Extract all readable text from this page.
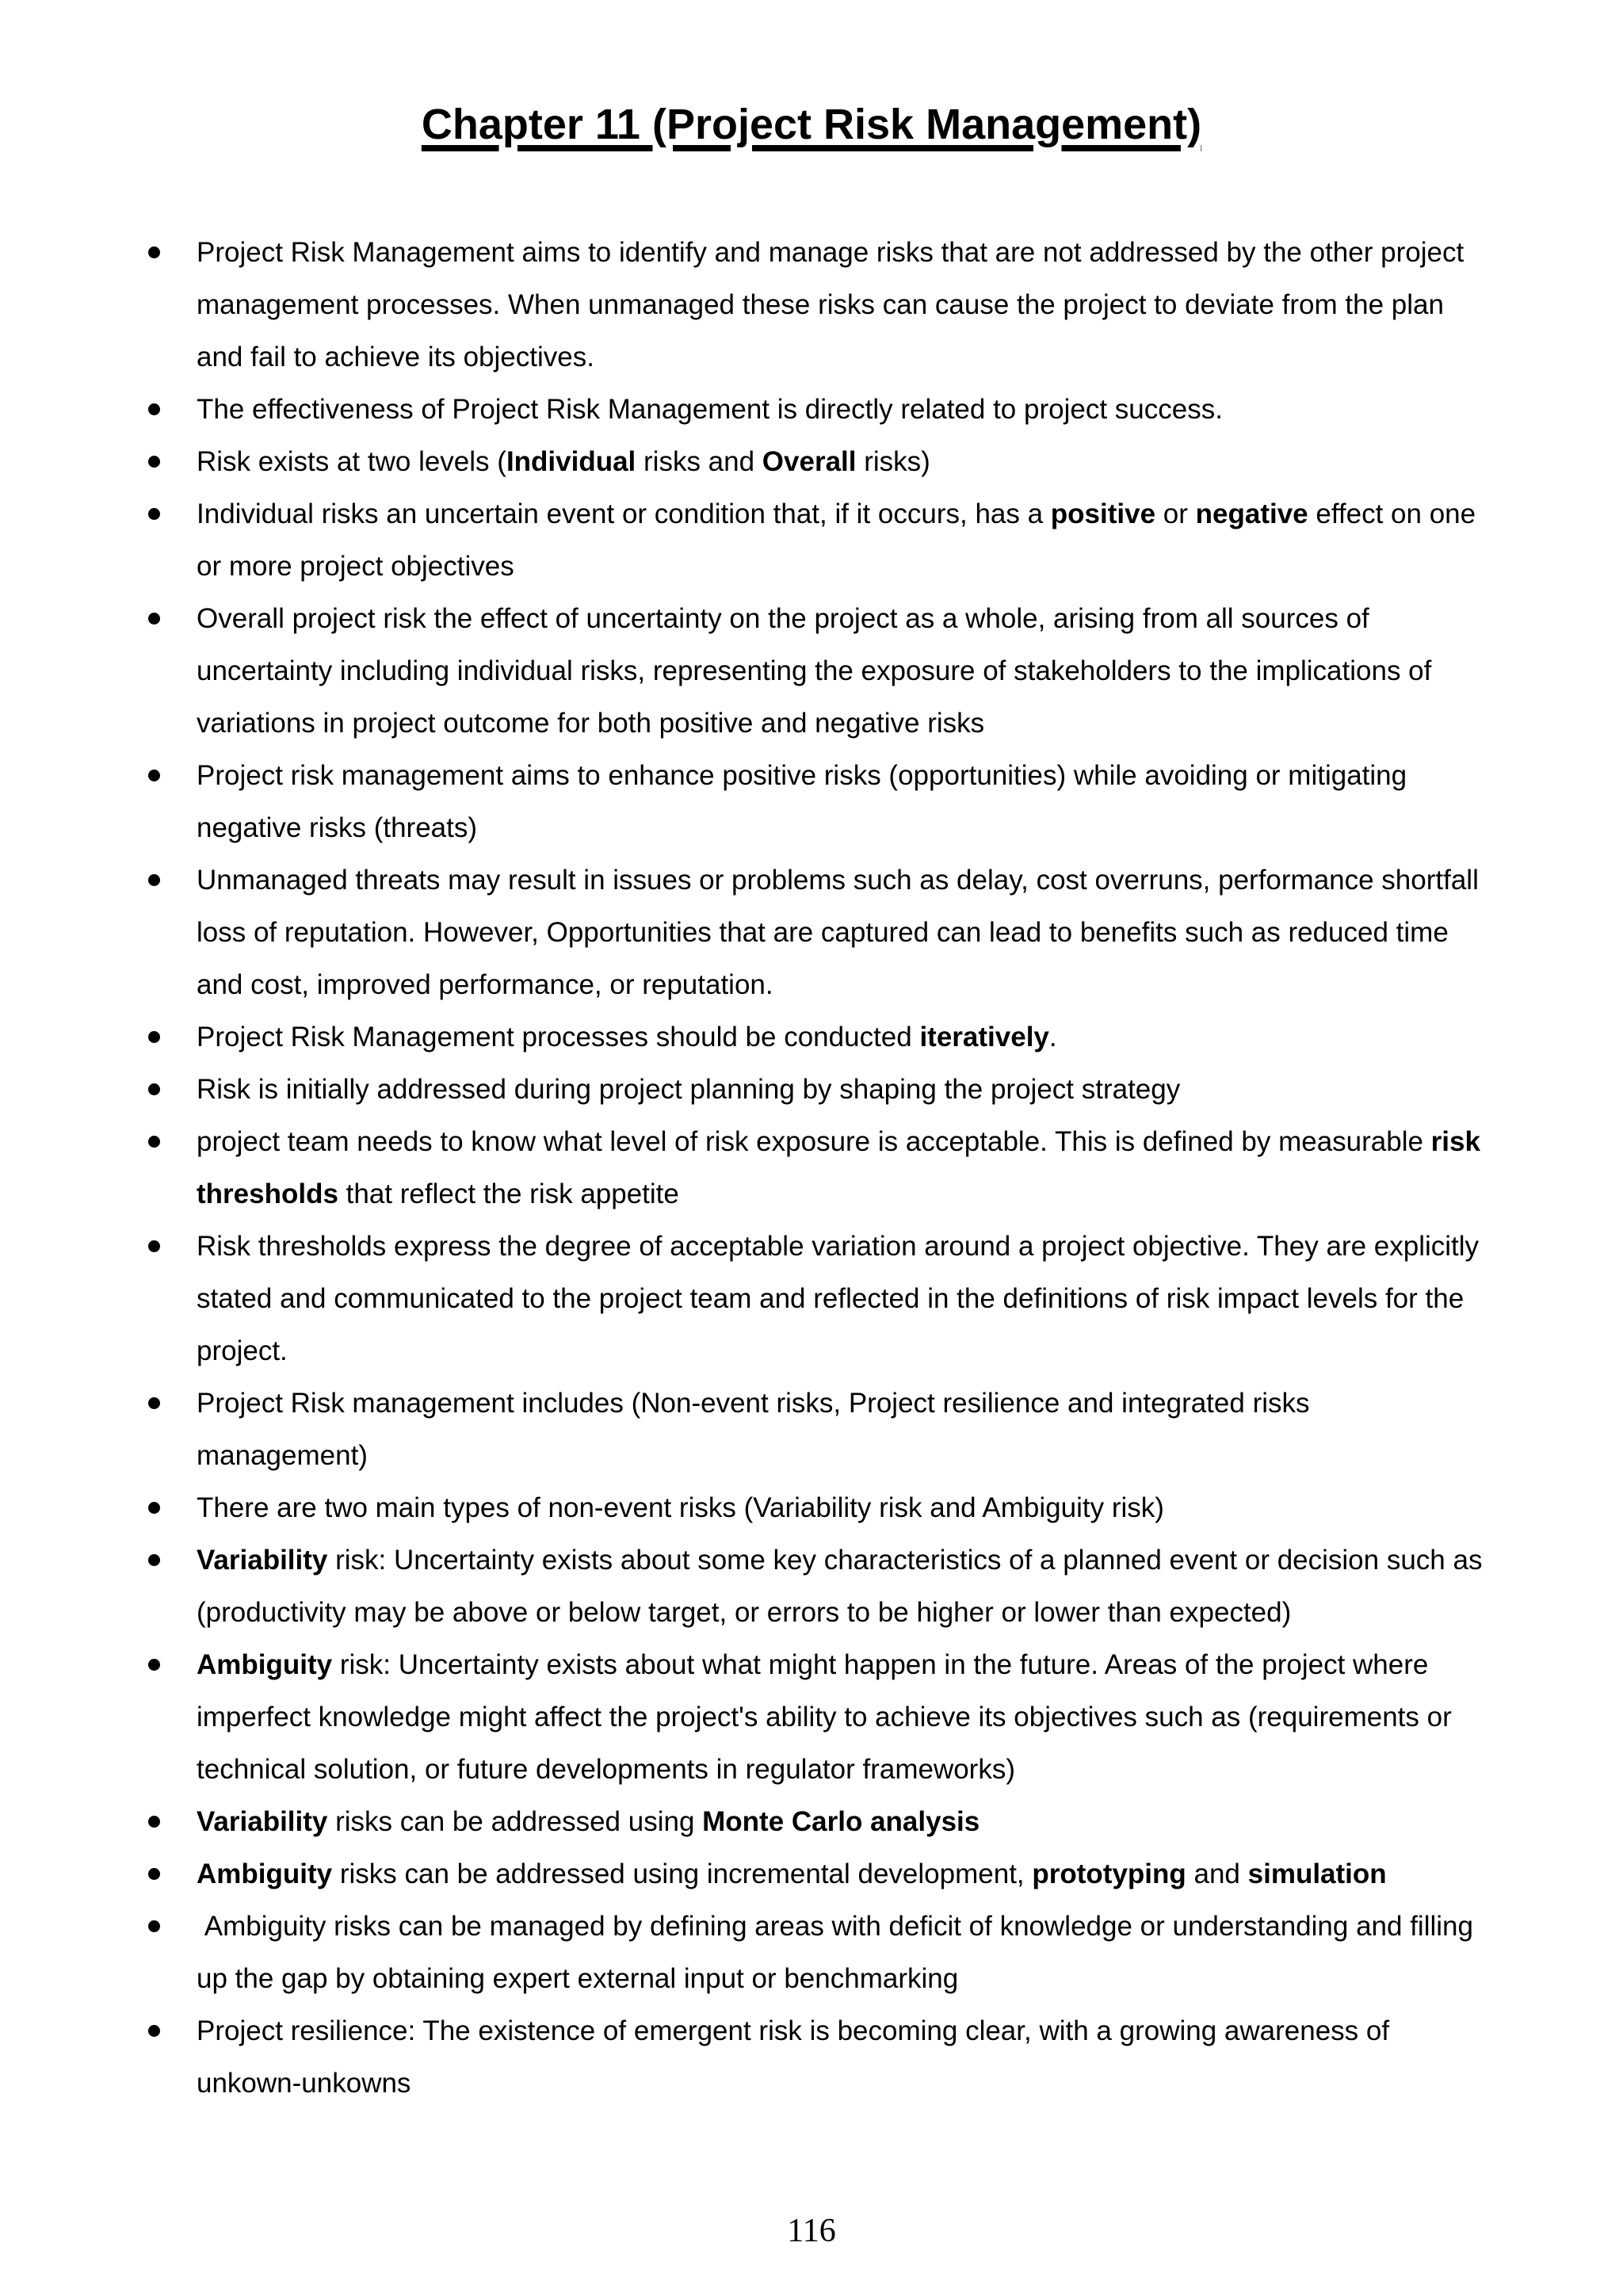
Chapter 11 (Project Risk Management)
Project Risk Management aims to identify and manage risks that are not addressed by the other project management processes. When unmanaged these risks can cause the project to deviate from the plan and fail to achieve its objectives.
The effectiveness of Project Risk Management is directly related to project success.
Risk exists at two levels (Individual risks and Overall risks)
Individual risks an uncertain event or condition that, if it occurs, has a positive or negative effect on one or more project objectives
Overall project risk the effect of uncertainty on the project as a whole, arising from all sources of uncertainty including individual risks, representing the exposure of stakeholders to the implications of variations in project outcome for both positive and negative risks
Project risk management aims to enhance positive risks (opportunities) while avoiding or mitigating negative risks (threats)
Unmanaged threats may result in issues or problems such as delay, cost overruns, performance shortfall loss of reputation. However, Opportunities that are captured can lead to benefits such as reduced time and cost, improved performance, or reputation.
Project Risk Management processes should be conducted iteratively.
Risk is initially addressed during project planning by shaping the project strategy
project team needs to know what level of risk exposure is acceptable. This is defined by measurable risk thresholds that reflect the risk appetite
Risk thresholds express the degree of acceptable variation around a project objective. They are explicitly stated and communicated to the project team and reflected in the definitions of risk impact levels for the project.
Project Risk management includes (Non-event risks, Project resilience and integrated risks management)
There are two main types of non-event risks (Variability risk and Ambiguity risk)
Variability risk: Uncertainty exists about some key characteristics of a planned event or decision such as (productivity may be above or below target, or errors to be higher or lower than expected)
Ambiguity risk: Uncertainty exists about what might happen in the future. Areas of the project where imperfect knowledge might affect the project's ability to achieve its objectives such as (requirements or technical solution, or future developments in regulator frameworks)
Variability risks can be addressed using Monte Carlo analysis
Ambiguity risks can be addressed using incremental development, prototyping and simulation
Ambiguity risks can be managed by defining areas with deficit of knowledge or understanding and filling up the gap by obtaining expert external input or benchmarking
Project resilience: The existence of emergent risk is becoming clear, with a growing awareness of unkown-unkowns
116
